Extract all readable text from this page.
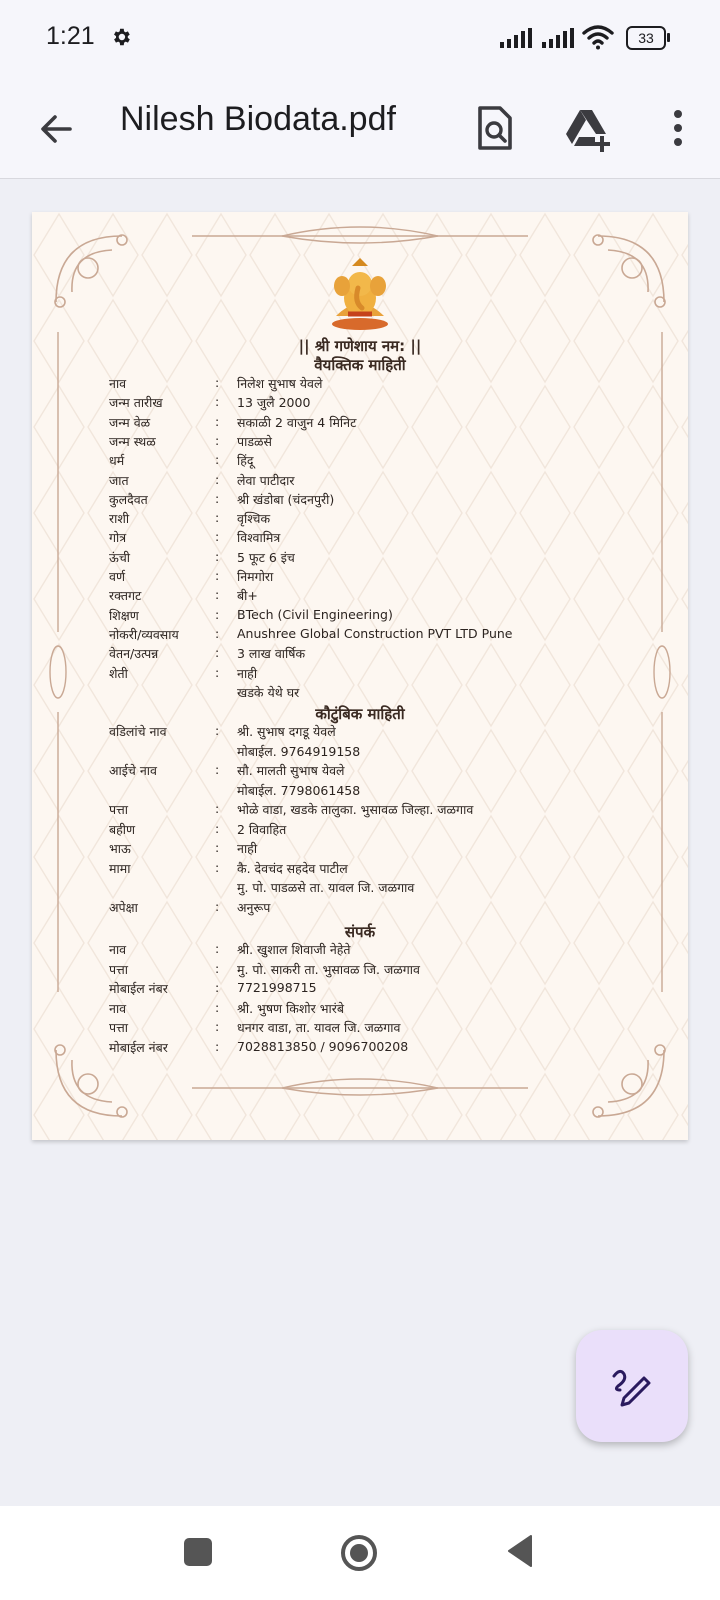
1:21	33
Nilesh Biodata.pdf
|| श्री गणेशाय नम: ||
वैयक्तिक माहिती
नाव	: निलेश सुभाष येवले
जन्म तारीख	: 13 जुलै 2000
जन्म वेळ	: सकाळी 2 वाजुन 4 मिनिट
जन्म स्थळ	: पाडळसे
धर्म	: हिंदू
जात	: लेवा पाटीदार
कुलदैवत	: श्री खंडोबा (चंदनपुरी)
राशी	: वृश्चिक
गोत्र	: विश्वामित्र
ऊंची	: 5 फूट 6 इंच
वर्ण	: निमगोरा
रक्तगट	: बी+
शिक्षण	: BTech (Civil Engineering)
नोकरी/व्यवसाय	: Anushree Global Construction PVT LTD Pune
वेतन/उत्पन्न	: 3 लाख वार्षिक
शेती	: नाही
खडके येथे घर
कौटुंबिक माहिती
वडिलांचे नाव	: श्री. सुभाष दगडू येवले
मोबाईल. 9764919158
आईचे नाव	: सौ. मालती सुभाष येवले
मोबाईल. 7798061458
पत्ता	: भोळे वाडा, खडके तालुका. भुसावळ जिल्हा. जळगाव
बहीण	: 2 विवाहित
भाऊ	: नाही
मामा	: कै. देवचंद सहदेव पाटील
मु. पो. पाडळसे ता. यावल जि. जळगाव
अपेक्षा	: अनुरूप
संपर्क
नाव	: श्री. खुशाल शिवाजी नेहेते
पत्ता	: मु. पो. साकरी ता. भुसावळ जि. जळगाव
मोबाईल नंबर	: 7721998715
नाव	: श्री. भुषण किशोर भारंबे
पत्ता	: धनगर वाडा, ता. यावल जि. जळगाव
मोबाईल नंबर	: 7028813850 / 9096700208
